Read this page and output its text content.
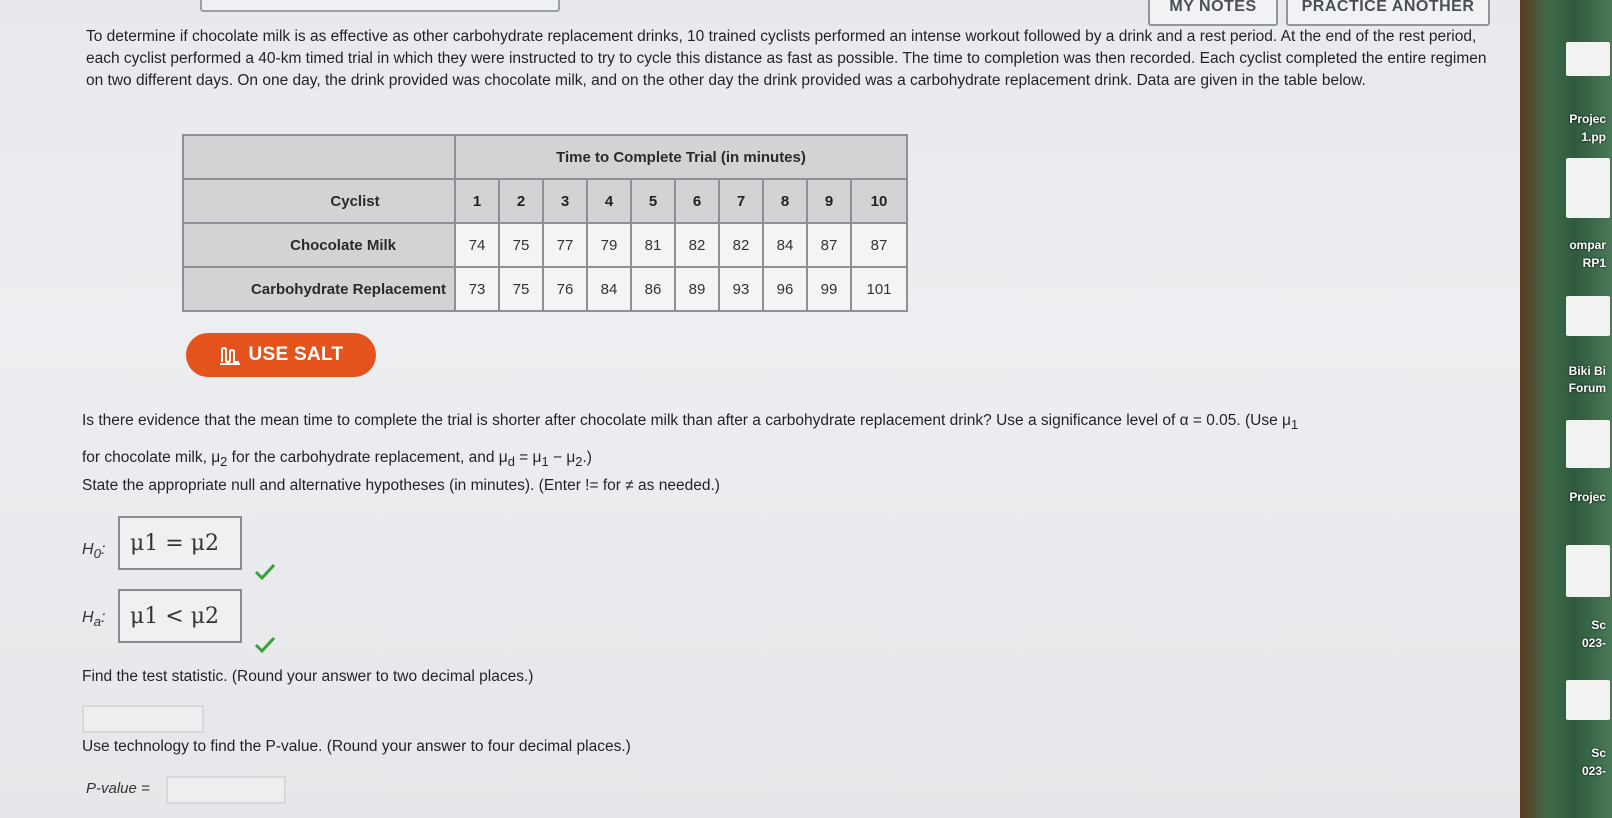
MY NOTES	PRACTICE ANOTHER

To determine if chocolate milk is as effective as other carbohydrate replacement drinks, 10 trained cyclists performed an intense workout followed by a drink and a rest period. At the end of the rest period, each cyclist performed a 40-km timed trial in which they were instructed to try to cycle this distance as fast as possible. The time to completion was then recorded. Each cyclist completed the entire regimen on two different days. On one day, the drink provided was chocolate milk, and on the other day the drink provided was a carbohydrate replacement drink. Data are given in the table below.

	Time to Complete Trial (in minutes)									
Cyclist	1	2	3	4	5	6	7	8	9	10
Chocolate Milk	74	75	77	79	81	82	82	84	87	87
Carbohydrate Replacement	73	75	76	84	86	89	93	96	99	101
USE SALT
Is there evidence that the mean time to complete the trial is shorter after chocolate milk than after a carbohydrate replacement drink? Use a significance level of α = 0.05. (Use $\mu_1$
for chocolate milk, $\mu_2$ for the carbohydrate replacement, and $\mu_d = \mu_1 - \mu_2$.)
State the appropriate null and alternative hypotheses (in minutes). (Enter != for ≠ as needed.)
$H_0$:	μ1 = μ2
$H_a$:	μ1 < μ2
Find the test statistic. (Round your answer to two decimal places.)
Use technology to find the P-value. (Round your answer to four decimal places.)
P-value =
Projec
1.pp
ompar
RP1
Biki Bi
Forum
Projec
Sc
023-
Sc
023-
